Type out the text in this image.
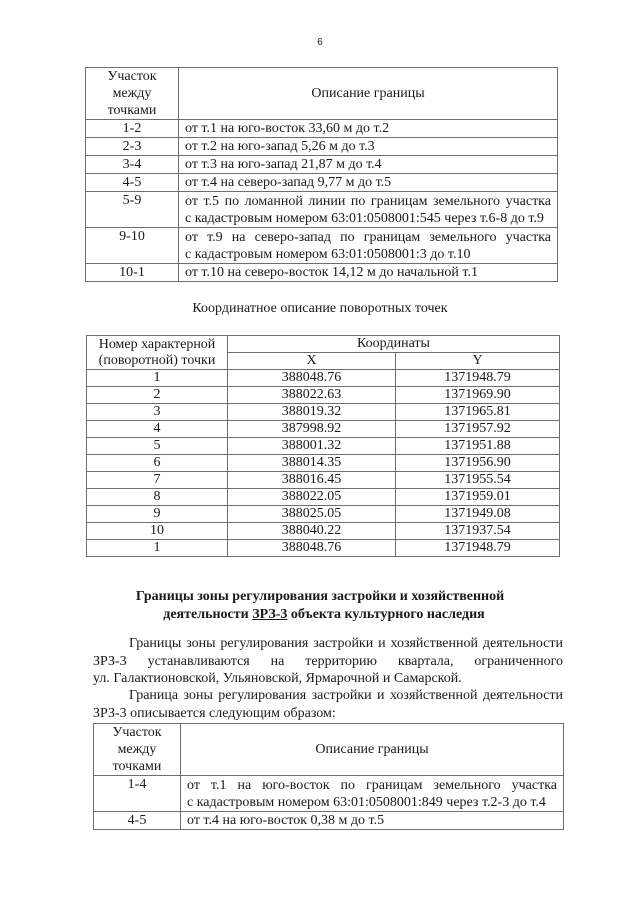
6
Участок
между
точками	Описание границы
1-2	от т.1 на юго-восток 33,60 м до т.2
2-3	от т.2 на юго-запад 5,26 м до т.3
3-4	от т.3 на юго-запад 21,87 м до т.4
4-5	от т.4 на северо-запад 9,77 м до т.5
5-9	от т.5 по ломанной линии по границам земельного участка
с кадастровым номером 63:01:0508001:545 через т.6-8 до т.9
9-10	от т.9 на северо-запад по границам земельного участка
с кадастровым номером 63:01:0508001:3 до т.10
10-1	от т.10 на северо-восток 14,12 м до начальной т.1
Координатное описание поворотных точек
Номер характерной
(поворотной) точки	Координаты	
	X	Y
1	388048.76	1371948.79
2	388022.63	1371969.90
3	388019.32	1371965.81
4	387998.92	1371957.92
5	388001.32	1371951.88
6	388014.35	1371956.90
7	388016.45	1371955.54
8	388022.05	1371959.01
9	388025.05	1371949.08
10	388040.22	1371937.54
1	388048.76	1371948.79
Границы зоны регулирования застройки и хозяйственной
деятельности ЗРЗ-3 объекта культурного наследия
Границы зоны регулирования застройки и хозяйственной деятельности
ЗРЗ-3 устанавливаются на территорию квартала, ограниченного
ул. Галактионовской, Ульяновской, Ярмарочной и Самарской.
Граница зоны регулирования застройки и хозяйственной деятельности
ЗРЗ-3 описывается следующим образом:
Участок
между
точками	Описание границы
1-4	от т.1 на юго-восток по границам земельного участка
с кадастровым номером 63:01:0508001:849 через т.2-3 до т.4
4-5	от т.4 на юго-восток 0,38 м до т.5
